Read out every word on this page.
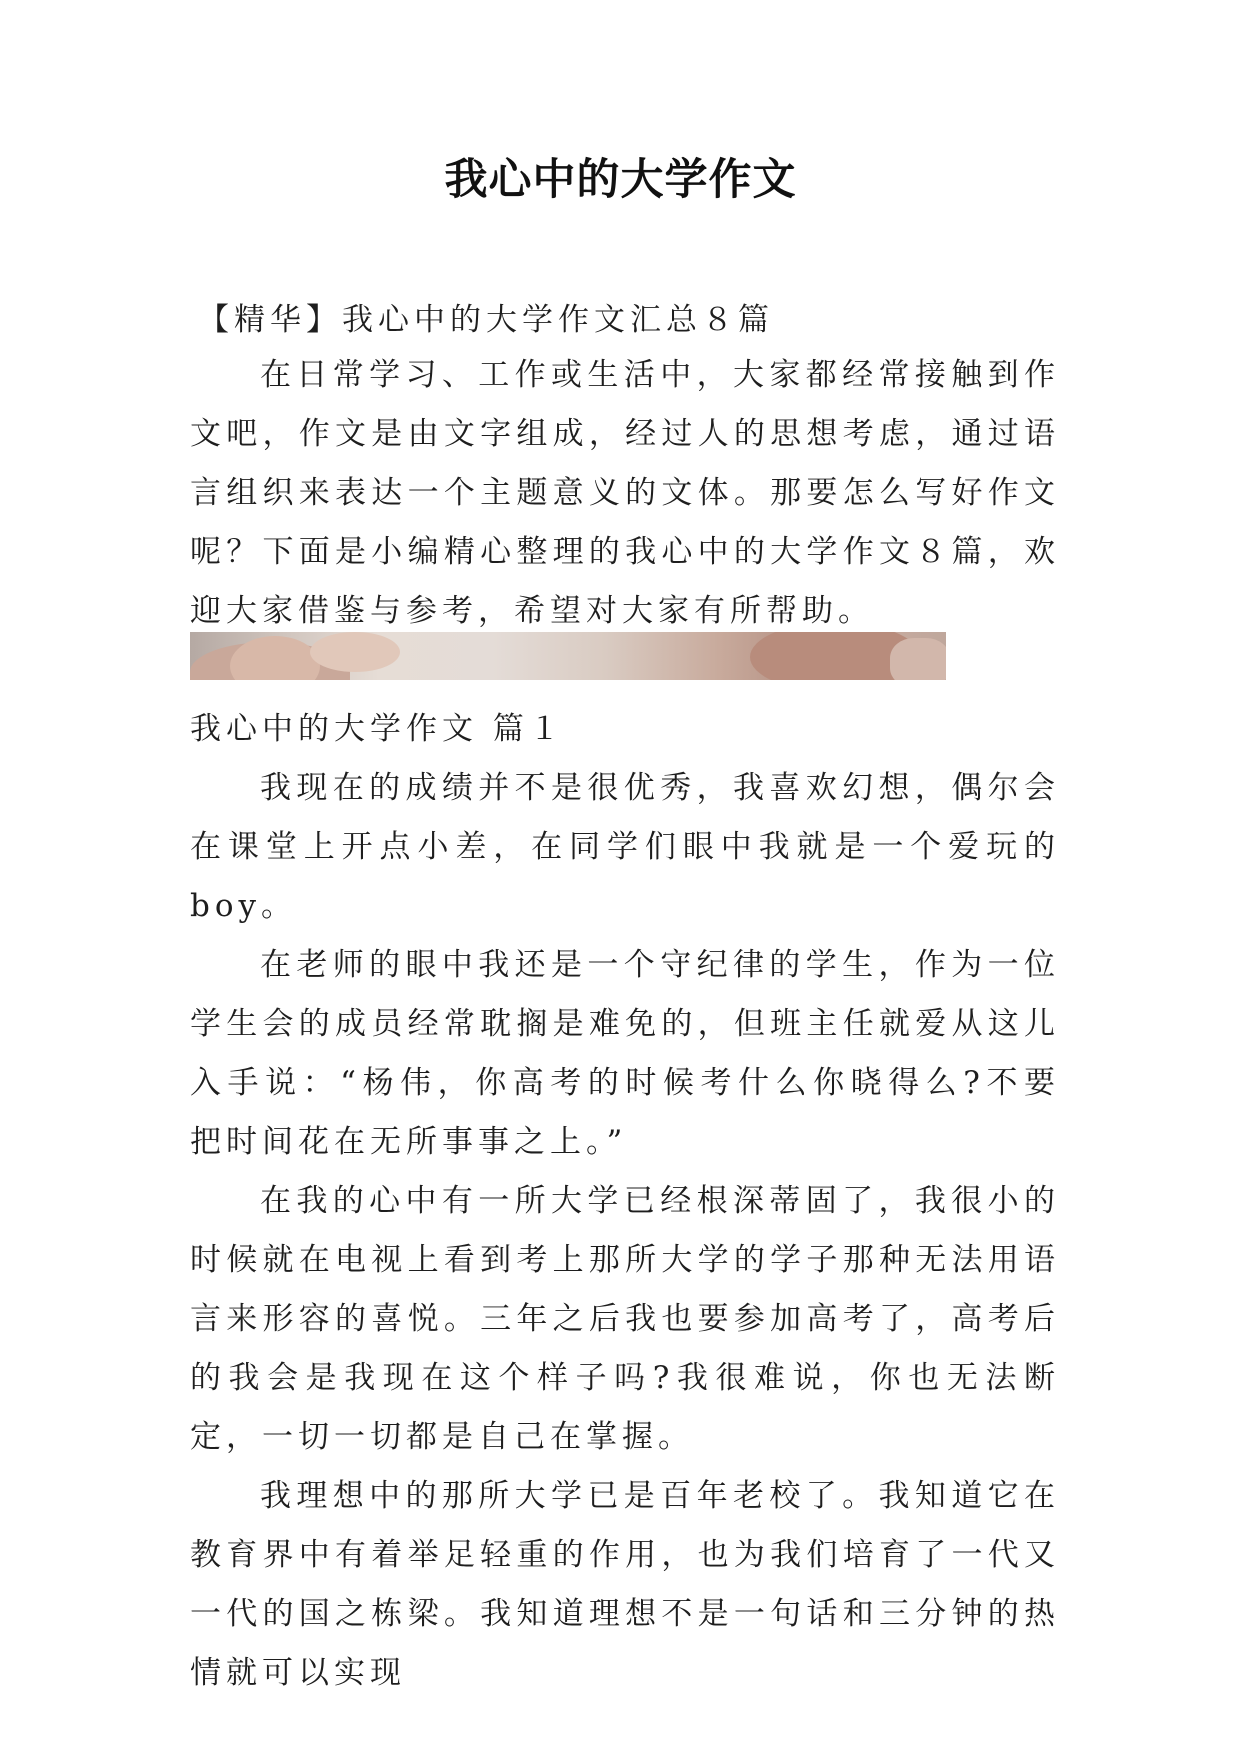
我心中的大学作文
【精华】我心中的大学作文汇总８篇

在日常学习、工作或生活中，大家都经常接触到作文吧，作文是由文字组成，经过人的思想考虑，通过语言组织来表达一个主题意义的文体。那要怎么写好作文呢？下面是小编精心整理的我心中的大学作文８篇，欢迎大家借鉴与参考，希望对大家有所帮助。

我心中的大学作文 篇１

我现在的成绩并不是很优秀，我喜欢幻想，偶尔会在课堂上开点小差，在同学们眼中我就是一个爱玩的boy。

在老师的眼中我还是一个守纪律的学生，作为一位学生会的成员经常耽搁是难免的，但班主任就爱从这儿入手说：“杨伟，你高考的时候考什么你晓得么?不要把时间花在无所事事之上。”

在我的心中有一所大学已经根深蒂固了，我很小的时候就在电视上看到考上那所大学的学子那种无法用语言来形容的喜悦。三年之后我也要参加高考了，高考后的我会是我现在这个样子吗?我很难说，你也无法断定，一切一切都是自己在掌握。

我理想中的那所大学已是百年老校了。我知道它在教育界中有着举足轻重的作用，也为我们培育了一代又一代的国之栋梁。我知道理想不是一句话和三分钟的热情就可以实现
